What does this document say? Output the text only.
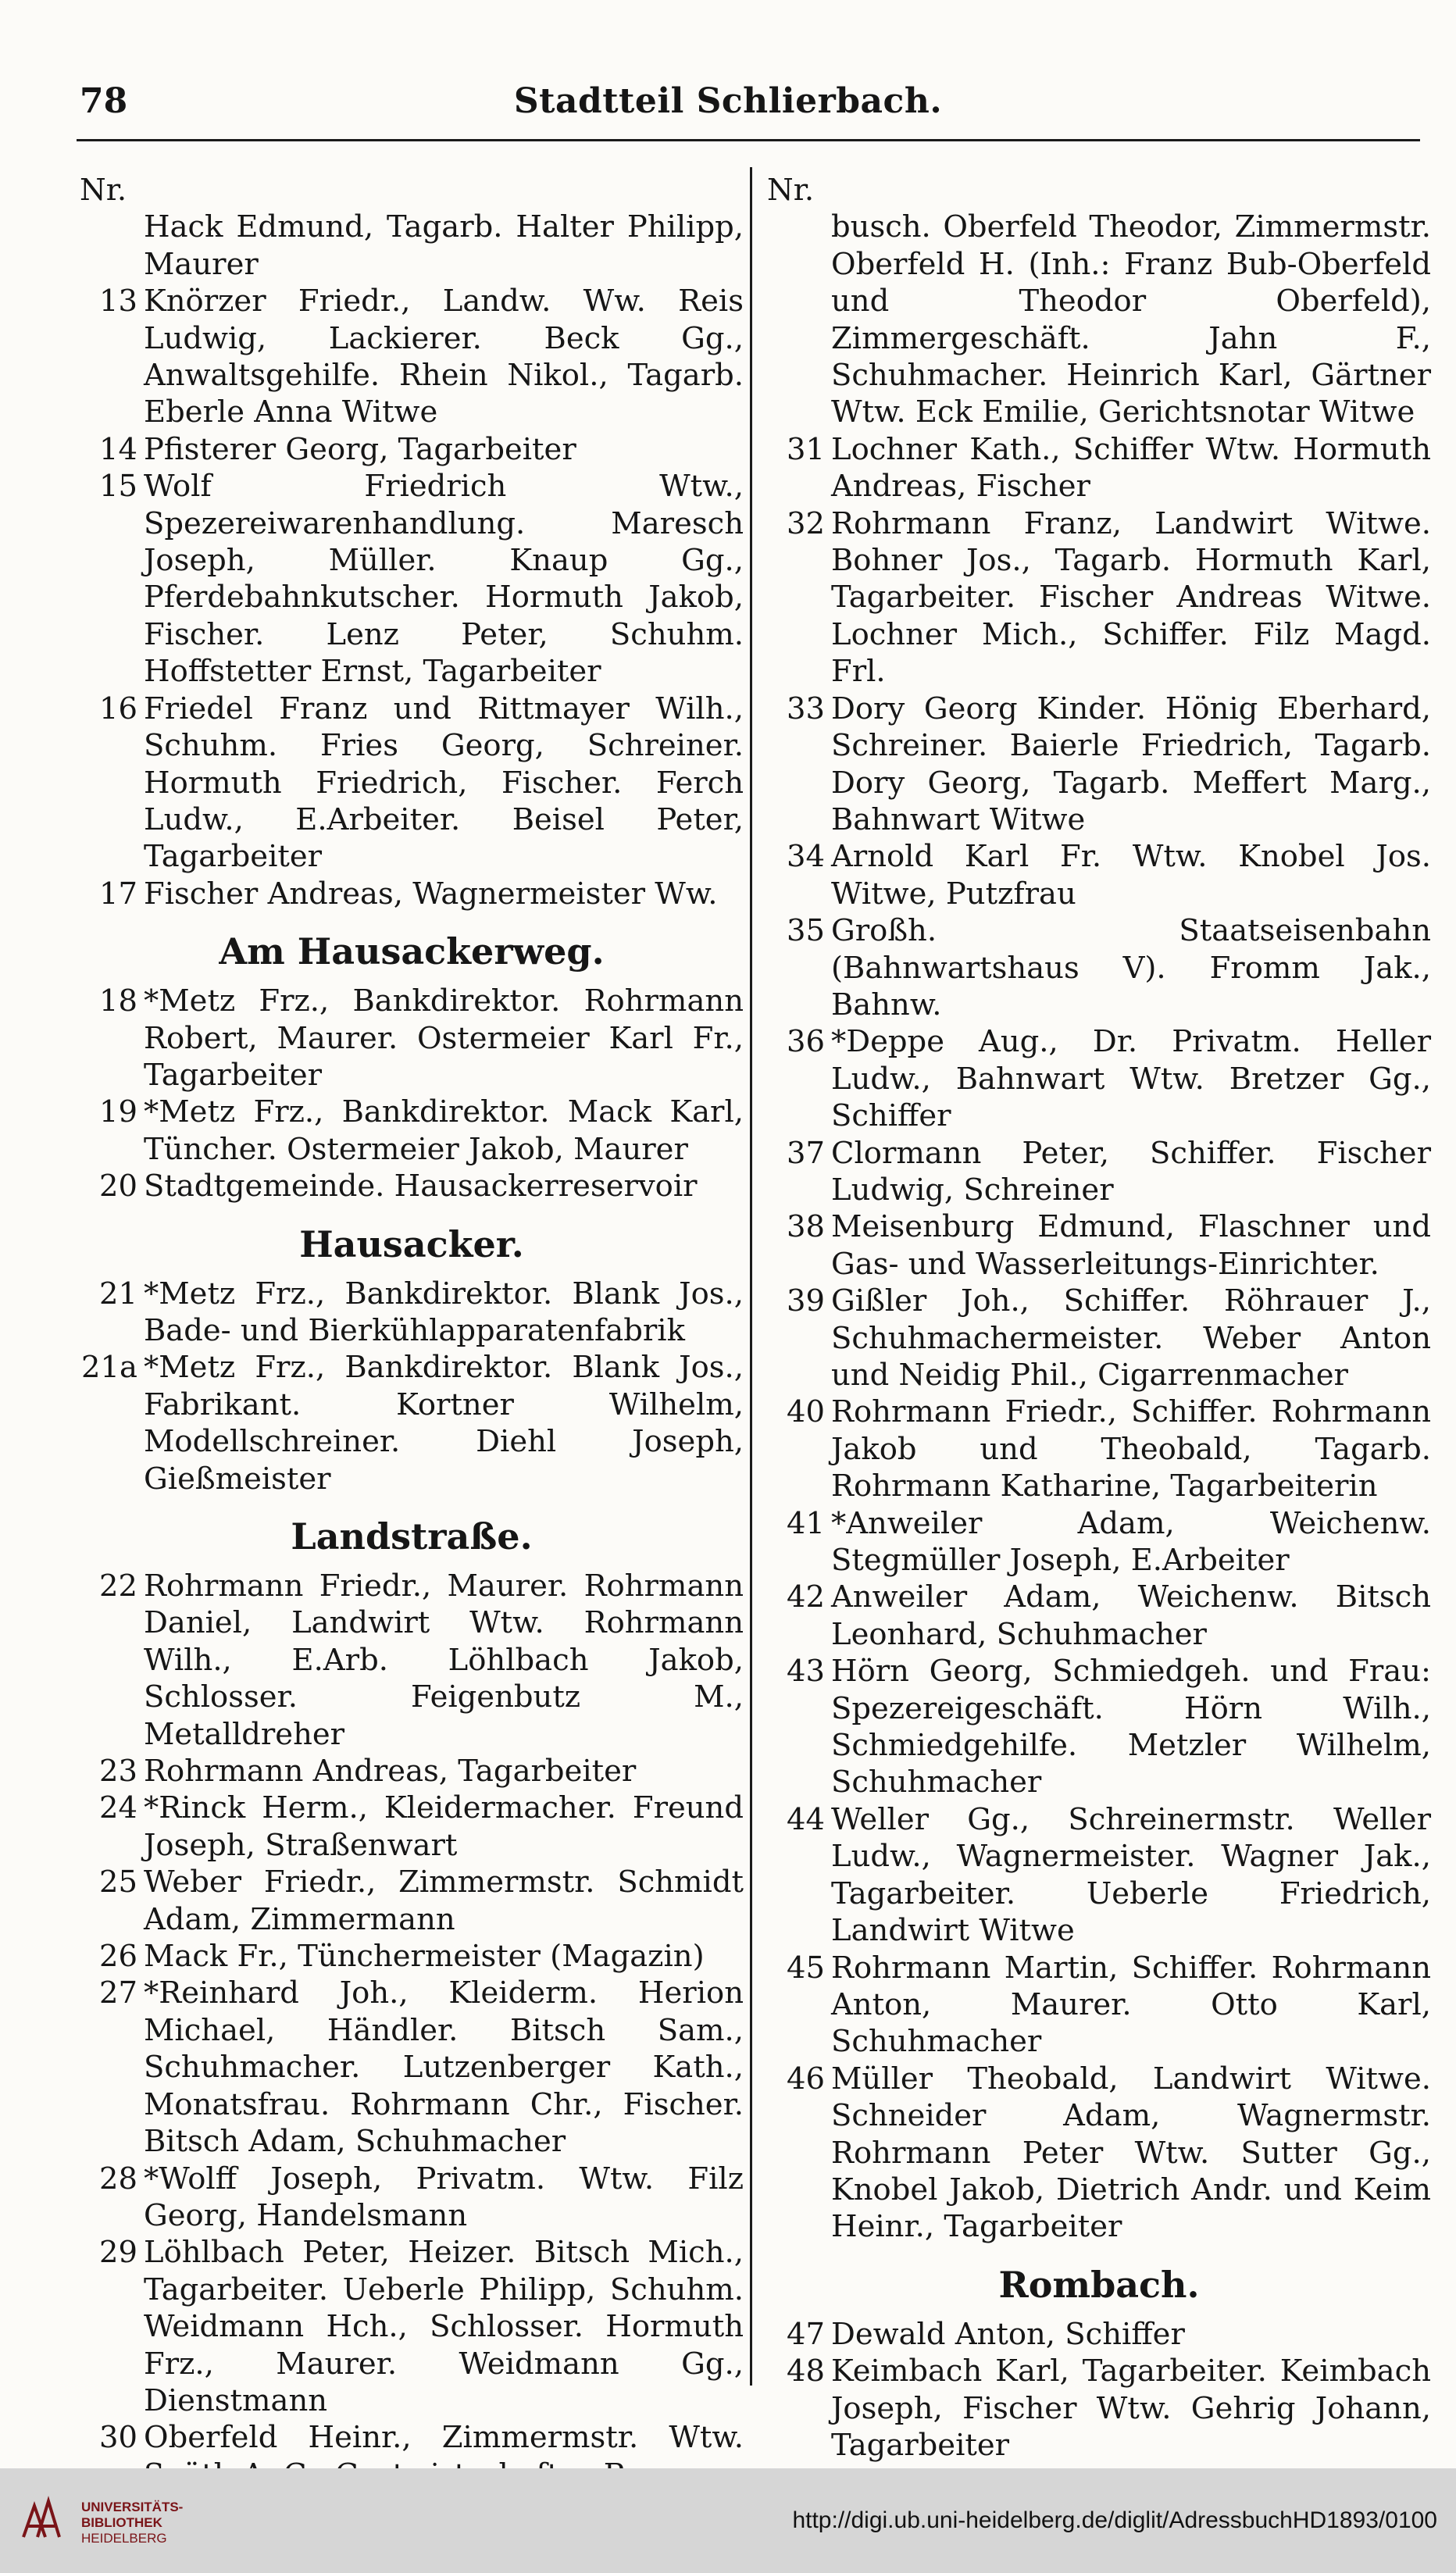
78	Stadtteil Schlierbach.
Nr.
Hack Edmund, Tagarb. Halter Philipp, Maurer
13 Knörzer Friedr., Landw. Ww. Reis Ludwig, Lackierer. Beck Gg., Anwaltsgehilfe. Rhein Nikol., Tagarb. Eberle Anna Witwe
14 Pfisterer Georg, Tagarbeiter
15 Wolf Friedrich Wtw., Spezereiwarenhandlung. Maresch Joseph, Müller. Knaup Gg., Pferdebahnkutscher. Hormuth Jakob, Fischer. Lenz Peter, Schuhm. Hoffstetter Ernst, Tagarbeiter
16 Friedel Franz und Rittmayer Wilh., Schuhm. Fries Georg, Schreiner. Hormuth Friedrich, Fischer. Ferch Ludw., E.Arbeiter. Beisel Peter, Tagarbeiter
17 Fischer Andreas, Wagnermeister Ww.
Am Hausackerweg.
18 *Metz Frz., Bankdirektor. Rohrmann Robert, Maurer. Ostermeier Karl Fr., Tagarbeiter
19 *Metz Frz., Bankdirektor. Mack Karl, Tüncher. Ostermeier Jakob, Maurer
20 Stadtgemeinde. Hausackerreservoir
Hausacker.
21 *Metz Frz., Bankdirektor. Blank Jos., Bade- und Bierkühlapparatenfabrik
21a *Metz Frz., Bankdirektor. Blank Jos., Fabrikant. Kortner Wilhelm, Modellschreiner. Diehl Joseph, Gießmeister
Landstraße.
22 Rohrmann Friedr., Maurer. Rohrmann Daniel, Landwirt Wtw. Rohrmann Wilh., E.Arb. Löhlbach Jakob, Schlosser. Feigenbutz M., Metalldreher
23 Rohrmann Andreas, Tagarbeiter
24 *Rinck Herm., Kleidermacher. Freund Joseph, Straßenwart
25 Weber Friedr., Zimmermstr. Schmidt Adam, Zimmermann
26 Mack Fr., Tünchermeister (Magazin)
27 *Reinhard Joh., Kleiderm. Herion Michael, Händler. Bitsch Sam., Schuhmacher. Lutzenberger Kath., Monatsfrau. Rohrmann Chr., Fischer. Bitsch Adam, Schuhmacher
28 *Wolff Joseph, Privatm. Wtw. Filz Georg, Handelsmann
29 Löhlbach Peter, Heizer. Bitsch Mich., Tagarbeiter. Ueberle Philipp, Schuhm. Weidmann Hch., Schlosser. Hormuth Frz., Maurer. Weidmann Gg., Dienstmann
30 Oberfeld Heinr., Zimmermstr. Wtw.
Nr.
busch. Oberfeld Theodor, Zimmermstr. Oberfeld H. (Inh.: Franz Bub-Oberfeld und Theodor Oberfeld), Zimmergeschäft. Jahn F., Schuhmacher. Heinrich Karl, Gärtner Wtw. Eck Emilie, Gerichtsnotar Witwe
31 Lochner Kath., Schiffer Wtw. Hormuth Andreas, Fischer
32 Rohrmann Franz, Landwirt Witwe. Bohner Jos., Tagarb. Hormuth Karl, Tagarbeiter. Fischer Andreas Witwe. Lochner Mich., Schiffer. Filz Magd. Frl.
33 Dory Georg Kinder. Hönig Eberhard, Schreiner. Baierle Friedrich, Tagarb. Dory Georg, Tagarb. Meffert Marg., Bahnwart Witwe
34 Arnold Karl Fr. Wtw. Knobel Jos. Witwe, Putzfrau
35 Großh. Staatseisenbahn (Bahnwartshaus V). Fromm Jak., Bahnw.
36 *Deppe Aug., Dr. Privatm. Heller Ludw., Bahnwart Wtw. Bretzer Gg., Schiffer
37 Clormann Peter, Schiffer. Fischer Ludwig, Schreiner
38 Meisenburg Edmund, Flaschner und Gas- und Wasserleitungs-Einrichter.
39 Gißler Joh., Schiffer. Röhrauer J., Schuhmachermeister. Weber Anton und Neidig Phil., Cigarrenmacher
40 Rohrmann Friedr., Schiffer. Rohrmann Jakob und Theobald, Tagarb. Rohrmann Katharine, Tagarbeiterin
41 *Anweiler Adam, Weichenw. Stegmüller Joseph, E.Arbeiter
42 Anweiler Adam, Weichenw. Bitsch Leonhard, Schuhmacher
43 Hörn Georg, Schmiedgeh. und Frau: Spezereigeschäft. Hörn Wilh., Schmiedgehilfe. Metzler Wilhelm, Schuhmacher
44 Weller Gg., Schreinermstr. Weller Ludw., Wagnermeister. Wagner Jak., Tagarbeiter. Ueberle Friedrich, Landwirt Witwe
45 Rohrmann Martin, Schiffer. Rohrmann Anton, Maurer. Otto Karl, Schuhmacher
46 Müller Theobald, Landwirt Witwe. Schneider Adam, Wagnermstr. Rohrmann Peter Wtw. Sutter Gg., Knobel Jakob, Dietrich Andr. und Keim Heinr., Tagarbeiter
Rombach.
47 Dewald Anton, Schiffer
48 Keimbach Karl, Tagarbeiter. Keimbach Joseph, Fischer Wtw. Gehrig Johann, Tagarbeiter
UNIVERSITÄTS-
BIBLIOTHEK
HEIDELBERG
http://digi.ub.uni-heidelberg.de/diglit/AdressbuchHD1893/0100
